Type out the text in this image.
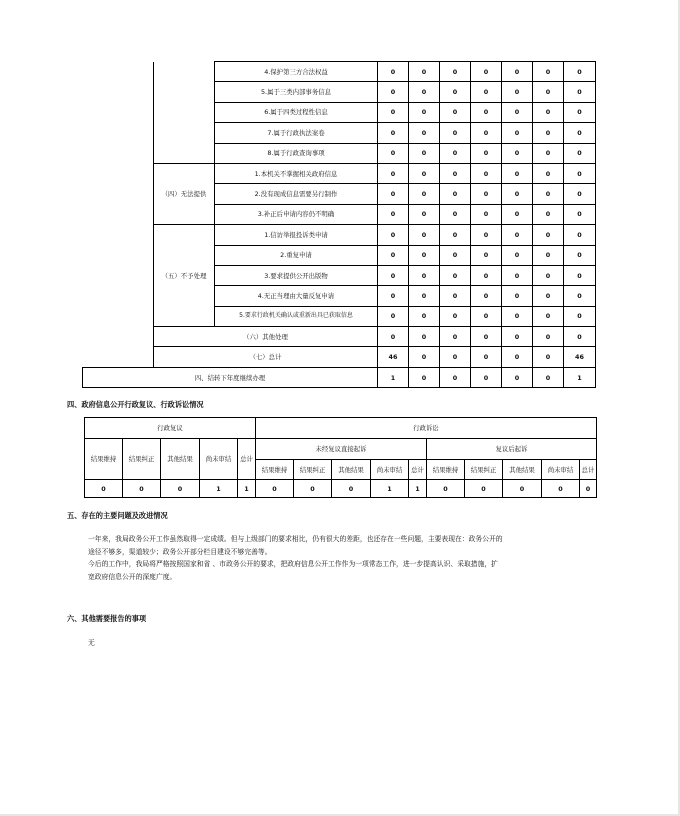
		4.保护第三方合法权益	0	0	0	0	0	0	0
		5.属于三类内部事务信息	0	0	0	0	0	0	0
		6.属于四类过程性信息	0	0	0	0	0	0	0
		7.属于行政执法案卷	0	0	0	0	0	0	0
		8.属于行政查询事项	0	0	0	0	0	0	0
	（四）无法提供	1.本机关不掌握相关政府信息	0	0	0	0	0	0	0
		2.没有现成信息需要另行制作	0	0	0	0	0	0	0
		3.补正后申请内容仍不明确	0	0	0	0	0	0	0
	（五）不予处理	1.信访举报投诉类申请	0	0	0	0	0	0	0
		2.重复申请	0	0	0	0	0	0	0
		3.要求提供公开出版物	0	0	0	0	0	0	0
		4.无正当理由大量反复申请	0	0	0	0	0	0	0
		5.要求行政机关确认或重新出具已获取信息	0	0	0	0	0	0	0
	（六）其他处理		0	0	0	0	0	0	0
	（七）总计		46	0	0	0	0	0	46
四、结转下年度继续办理			1	0	0	0	0	0	1
四、政府信息公开行政复议、行政诉讼情况
行政复议					行政诉讼									
结果维持	结果纠正	其他结果	尚未审结	总计	未经复议直接起诉					复议后起诉				
					结果维持	结果纠正	其他结果	尚未审结	总计	结果维持	结果纠正	其他结果	尚未审结	总计
0	0	0	1	1	0	0	0	1	1	0	0	0	0	0
五、存在的主要问题及改进情况
一年来，我局政务公开工作虽然取得一定成绩。但与上级部门的要求相比，仍有很大的差距，也还存在一些问题，主要表现在：政务公开的
途径不够多，渠道较少；政务公开部分栏目建设不够完善等。
今后的工作中，我局将严格按照国家和省 、市政务公开的要求，把政府信息公开工作作为一项常态工作，进一步提高认识、采取措施，扩
宽政府信息公开的深度广度。
六、其他需要报告的事项
无
